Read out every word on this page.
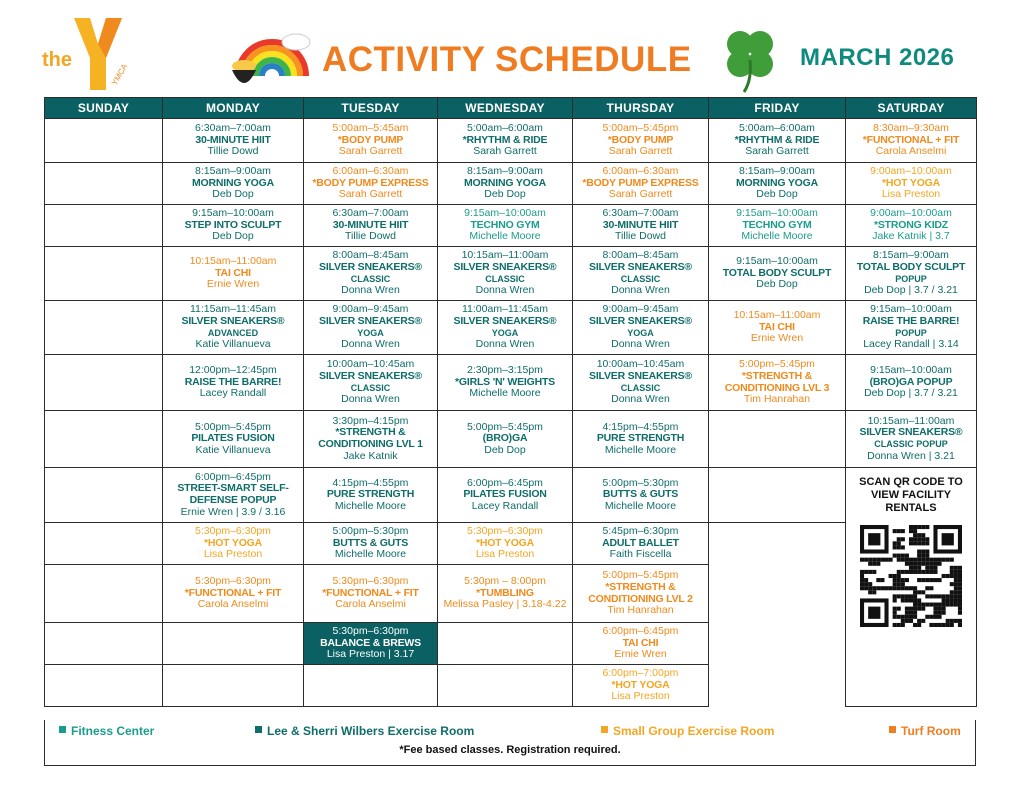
the
YMCA	ACTIVITY SCHEDULE	MARCH 2026
SUNDAY	MONDAY	TUESDAY	WEDNESDAY	THURSDAY	FRIDAY	SATURDAY

	6:30am–7:00am
30-MINUTE HIIT
Tillie Dowd	5:00am–5:45am
*BODY PUMP
Sarah Garrett	5:00am–6:00am
*RHYTHM & RIDE
Sarah Garrett	5:00am–5:45pm
*BODY PUMP
Sarah Garrett	5:00am–6:00am
*RHYTHM & RIDE
Sarah Garrett	8:30am–9:30am
*FUNCTIONAL + FIT
Carola Anselmi

	8:15am–9:00am
MORNING YOGA
Deb Dop	6:00am–6:30am
*BODY PUMP EXPRESS
Sarah Garrett	8:15am–9:00am
MORNING YOGA
Deb Dop	6:00am–6:30am
*BODY PUMP EXPRESS
Sarah Garrett	8:15am–9:00am
MORNING YOGA
Deb Dop	9:00am–10:00am
*HOT YOGA
Lisa Preston

	9:15am–10:00am
STEP INTO SCULPT
Deb Dop	6:30am–7:00am
30-MINUTE HIIT
Tillie Dowd	9:15am–10:00am
TECHNO GYM
Michelle Moore	6:30am–7:00am
30-MINUTE HIIT
Tillie Dowd	9:15am–10:00am
TECHNO GYM
Michelle Moore	9:00am–10:00am
*STRONG KIDZ
Jake Katnik | 3.7

	10:15am–11:00am
TAI CHI
Ernie Wren	8:00am–8:45am
SILVER SNEAKERS®
CLASSIC
Donna Wren	10:15am–11:00am
SILVER SNEAKERS®
CLASSIC
Donna Wren	8:00am–8:45am
SILVER SNEAKERS®
CLASSIC
Donna Wren	9:15am–10:00am
TOTAL BODY SCULPT
Deb Dop	8:15am–9:00am
TOTAL BODY SCULPT
POPUP
Deb Dop | 3.7 / 3.21

	11:15am–11:45am
SILVER SNEAKERS®
ADVANCED
Katie Villanueva	9:00am–9:45am
SILVER SNEAKERS®
YOGA
Donna Wren	11:00am–11:45am
SILVER SNEAKERS®
YOGA
Donna Wren	9:00am–9:45am
SILVER SNEAKERS®
YOGA
Donna Wren	10:15am–11:00am
TAI CHI
Ernie Wren	9:15am–10:00am
RAISE THE BARRE!
POPUP
Lacey Randall | 3.14

	12:00pm–12:45pm
RAISE THE BARRE!
Lacey Randall	10:00am–10:45am
SILVER SNEAKERS®
CLASSIC
Donna Wren	2:30pm–3:15pm
*GIRLS 'N' WEIGHTS
Michelle Moore	10:00am–10:45am
SILVER SNEAKERS®
CLASSIC
Donna Wren	5:00pm–5:45pm
*STRENGTH & CONDITIONING LVL 3
Tim Hanrahan	9:15am–10:00am
(BRO)GA POPUP
Deb Dop | 3.7 / 3.21

	5:00pm–5:45pm
PILATES FUSION
Katie Villanueva	3:30pm–4:15pm
*STRENGTH & CONDITIONING LVL 1
Jake Katnik	5:00pm–5:45pm
(BRO)GA
Deb Dop	4:15pm–4:55pm
PURE STRENGTH
Michelle Moore		10:15am–11:00am
SILVER SNEAKERS®
CLASSIC POPUP
Donna Wren | 3.21

	6:00pm–6:45pm
STREET-SMART SELF-DEFENSE POPUP
Ernie Wren | 3.9 / 3.16	4:15pm–4:55pm
PURE STRENGTH
Michelle Moore	6:00pm–6:45pm
PILATES FUSION
Lacey Randall	5:00pm–5:30pm
BUTTS & GUTS
Michelle Moore		SCAN QR CODE TO VIEW FACILITY RENTALS

	5:30pm–6:30pm
*HOT YOGA
Lisa Preston	5:00pm–5:30pm
BUTTS & GUTS
Michelle Moore	5:30pm–6:30pm
*HOT YOGA
Lisa Preston	5:45pm–6:30pm
ADULT BALLET
Faith Fiscella		

	5:30pm–6:30pm
*FUNCTIONAL + FIT
Carola Anselmi	5:30pm–6:30pm
*FUNCTIONAL + FIT
Carola Anselmi	5:30pm – 8:00pm
*TUMBLING
Melissa Pasley | 3.18-4.22	5:00pm–5:45pm
*STRENGTH & CONDITIONING LVL 2
Tim Hanrahan		

		5:30pm–6:30pm
BALANCE & BREWS
Lisa Preston | 3.17		6:00pm–6:45pm
TAI CHI
Ernie Wren		

				6:00pm–7:00pm
*HOT YOGA
Lisa Preston		
Fitness Center	Lee & Sherri Wilbers Exercise Room	Small Group Exercise Room	Turf Room
*Fee based classes. Registration required.
